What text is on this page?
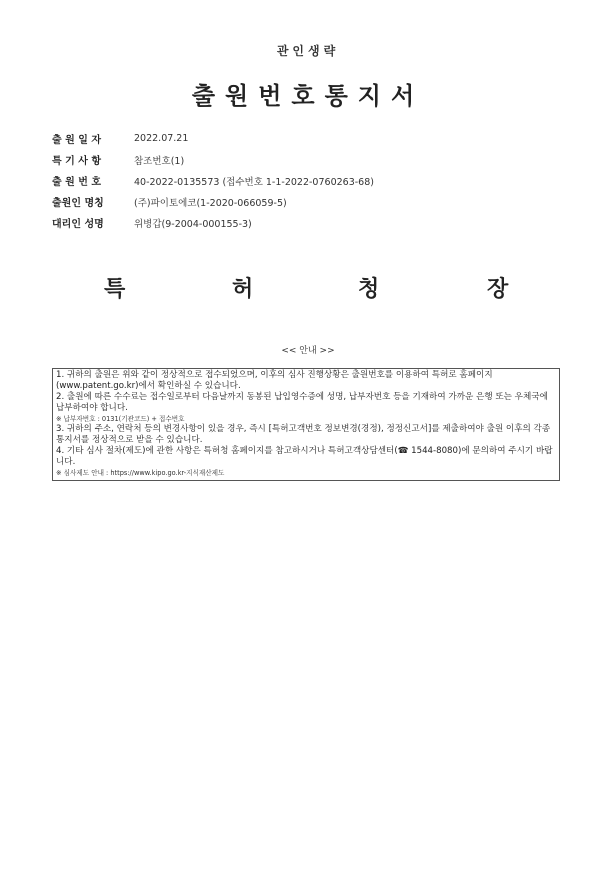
관인생략
출원번호통지서
출 원 일 자	2022.07.21
특 기 사 항	참조번호(1)
출 원 번 호	40-2022-0135573 (접수번호 1-1-2022-0760263-68)
출원인 명칭	(주)파이토에코(1-2020-066059-5)
대리인 성명	위병갑(9-2004-000155-3)
특	허	청	장
<< 안내 >>

1. 귀하의 출원은 위와 같이 정상적으로 접수되었으며, 이후의 심사 진행상황은 출원번호를 이용하여 특허로 홈페이지(www.patent.go.kr)에서 확인하실 수 있습니다.

2. 출원에 따른 수수료는 접수일로부터 다음날까지 동봉된 납입영수증에 성명, 납부자번호 등을 기재하여 가까운 은행 또는 우체국에 납부하여야 합니다.

※ 납부자번호 : 0131(기관코드) + 접수번호

3. 귀하의 주소, 연락처 등의 변경사항이 있을 경우, 즉시 [특허고객번호 정보변경(경정), 정정신고서]를 제출하여야 출원 이후의 각종 통지서를 정상적으로 받을 수 있습니다.

4. 기타 심사 절차(제도)에 관한 사항은 특허청 홈페이지를 참고하시거나 특허고객상담센터(☎ 1544-8080)에 문의하여 주시기 바랍니다.

※ 심사제도 안내 : https://www.kipo.go.kr-지식재산제도
